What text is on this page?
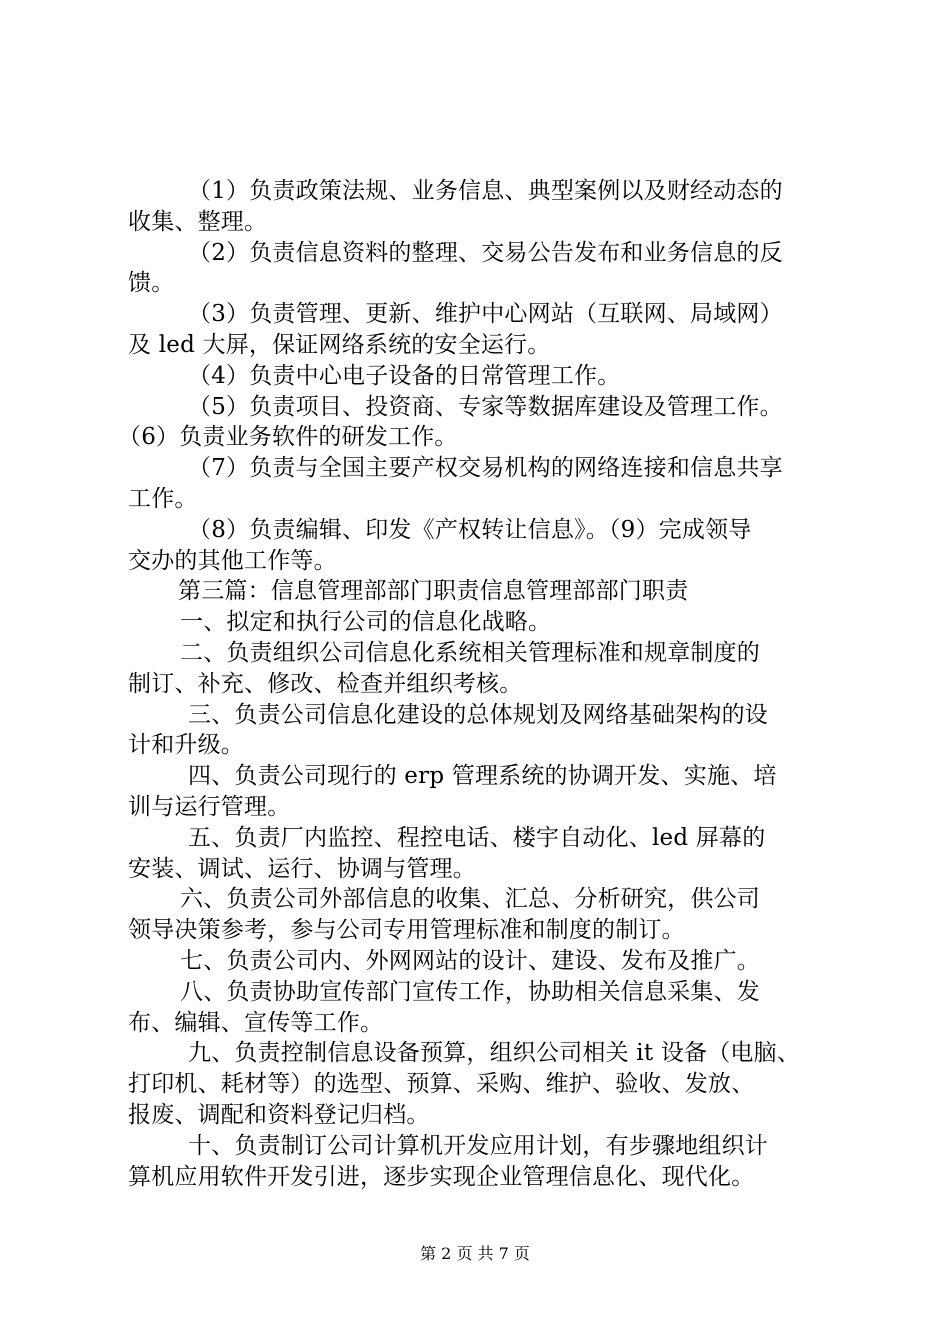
（1）负责政策法规、业务信息、典型案例以及财经动态的
收集、整理。
（2）负责信息资料的整理、交易公告发布和业务信息的反
馈。
（3）负责管理、更新、维护中心网站（互联网、局域网）
及 led 大屏，保证网络系统的安全运行。
（4）负责中心电子设备的日常管理工作。
（5）负责项目、投资商、专家等数据库建设及管理工作。
（6）负责业务软件的研发工作。
（7）负责与全国主要产权交易机构的网络连接和信息共享
工作。
（8）负责编辑、印发《产权转让信息》。（9）完成领导
交办的其他工作等。
第三篇：信息管理部部门职责信息管理部部门职责
一、拟定和执行公司的信息化战略。
二、负责组织公司信息化系统相关管理标准和规章制度的
制订、补充、修改、检查并组织考核。
三、负责公司信息化建设的总体规划及网络基础架构的设
计和升级。
四、负责公司现行的 erp 管理系统的协调开发、实施、培
训与运行管理。
五、负责厂内监控、程控电话、楼宇自动化、led 屏幕的
安装、调试、运行、协调与管理。
六、负责公司外部信息的收集、汇总、分析研究，供公司
领导决策参考，参与公司专用管理标准和制度的制订。
七、负责公司内、外网网站的设计、建设、发布及推广。
八、负责协助宣传部门宣传工作，协助相关信息采集、发
布、编辑、宣传等工作。
九、负责控制信息设备预算，组织公司相关 it 设备（电脑、
打印机、耗材等）的选型、预算、采购、维护、验收、发放、
报废、调配和资料登记归档。
十、负责制订公司计算机开发应用计划，有步骤地组织计
算机应用软件开发引进，逐步实现企业管理信息化、现代化。
第 2 页 共 7 页
